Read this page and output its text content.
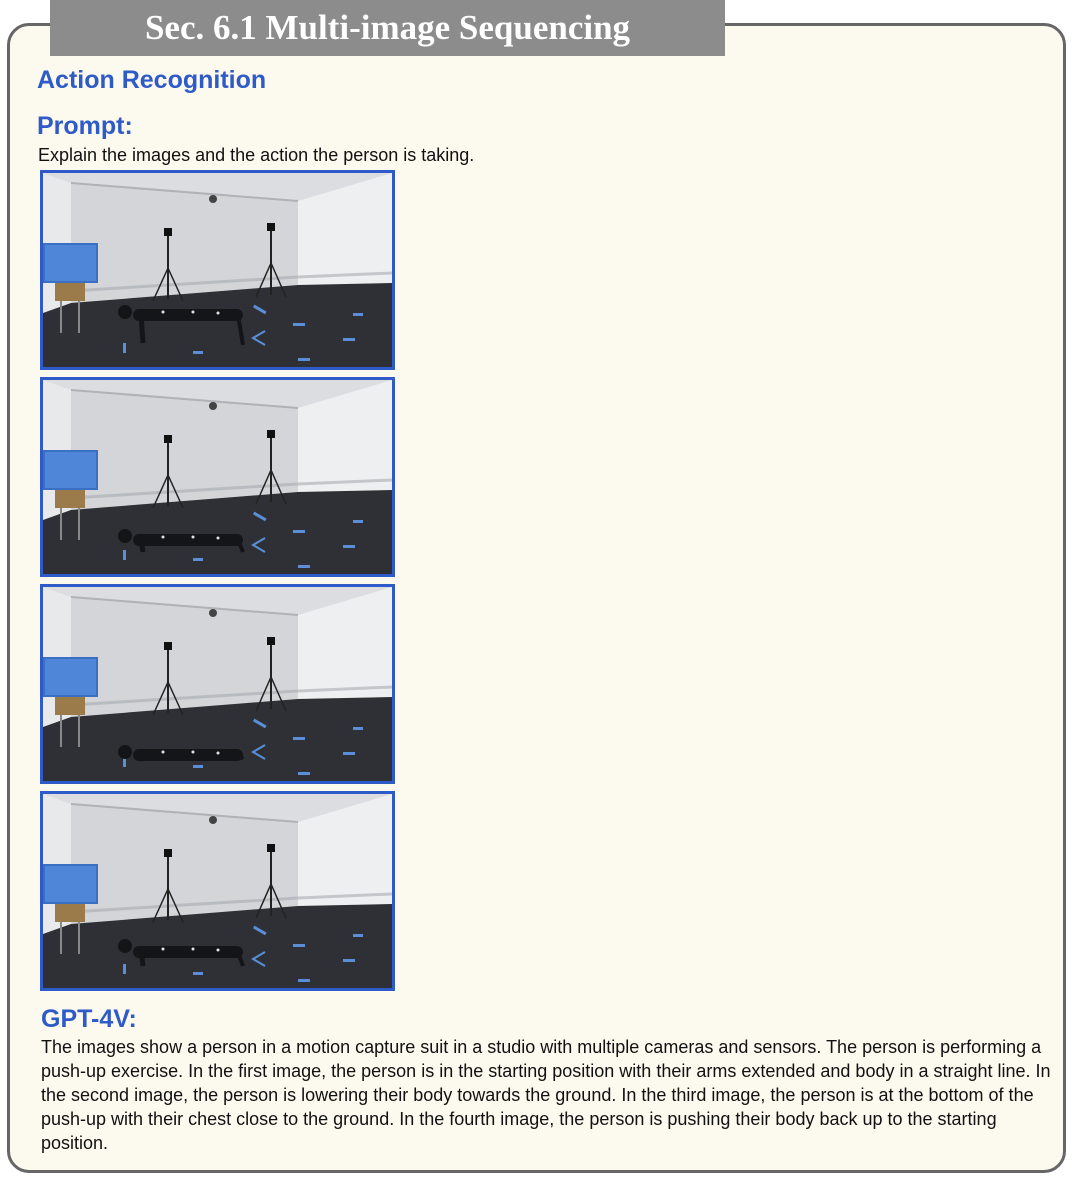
Sec. 6.1 Multi-image Sequencing
Action Recognition
Prompt:
Explain the images and the action the person is taking.
GPT-4V:
The images show a person in a motion capture suit in a studio with multiple cameras and sensors. The person is performing a push-up exercise. In the first image, the person is in the starting position with their arms extended and body in a straight line. In the second image, the person is lowering their body towards the ground. In the third image, the person is at the bottom of the push-up with their chest close to the ground. In the fourth image, the person is pushing their body back up to the starting position.
